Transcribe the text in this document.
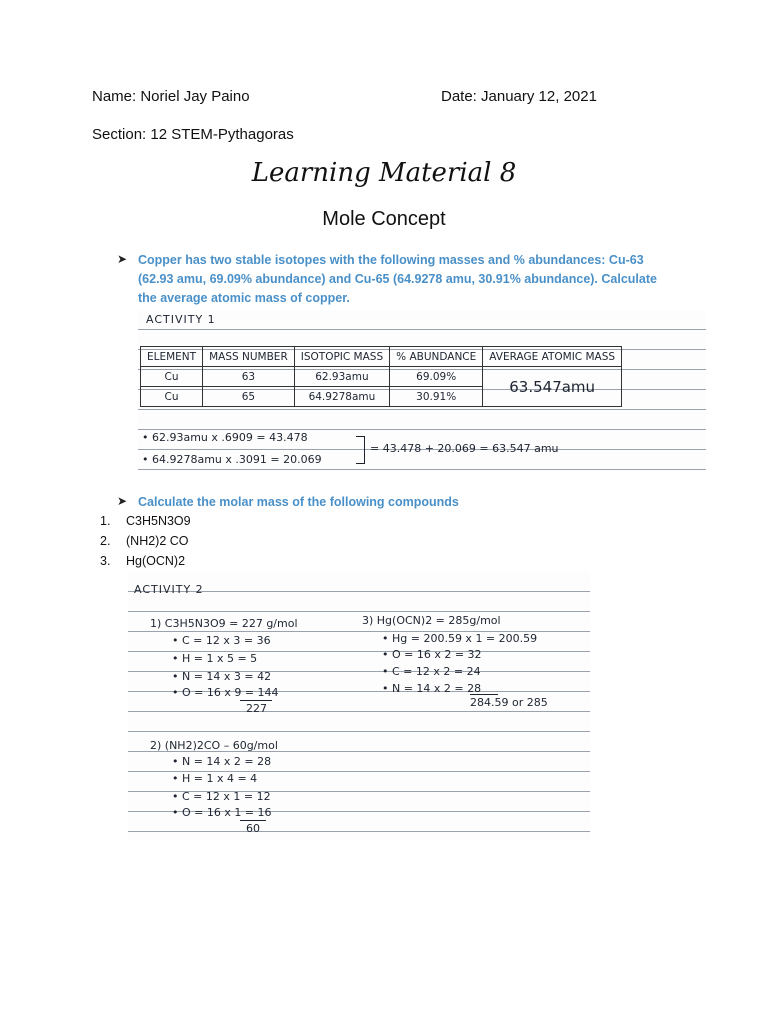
Name: Noriel Jay Paino	Date: January 12, 2021
Section: 12 STEM-Pythagoras
Learning Material 8
Mole Concept
➤ Copper has two stable isotopes with the following masses and % abundances: Cu-63 (62.93 amu, 69.09% abundance) and Cu-65 (64.9278 amu, 30.91% abundance). Calculate the average atomic mass of copper.
ACTIVITY 1
ELEMENT	MASS NUMBER	ISOTOPIC MASS	% ABUNDANCE	AVERAGE ATOMIC MASS
Cu	63	62.93amu	69.09%	63.547amu
Cu	65	64.9278amu	30.91%	
• 62.93amu x .6909 = 43.478
• 64.9278amu x .3091 = 20.069
= 43.478 + 20.069 = 63.547 amu
➤ Calculate the molar mass of the following compounds
1. C3H5N3O9
2. (NH2)2 CO
3. Hg(OCN)2
ACTIVITY 2
1) C3H5N3O9 = 227 g/mol
• C = 12 x 3 = 36
• H = 1 x 5 = 5
• N = 14 x 3 = 42
• O = 16 x 9 = 144
227
3) Hg(OCN)2 = 285g/mol
• Hg = 200.59 x 1 = 200.59
• O = 16 x 2 = 32
• C = 12 x 2 = 24
• N = 14 x 2 = 28
284.59 or 285
2) (NH2)2CO – 60g/mol
• N = 14 x 2 = 28
• H = 1 x 4 = 4
• C = 12 x 1 = 12
• O = 16 x 1 = 16
60
